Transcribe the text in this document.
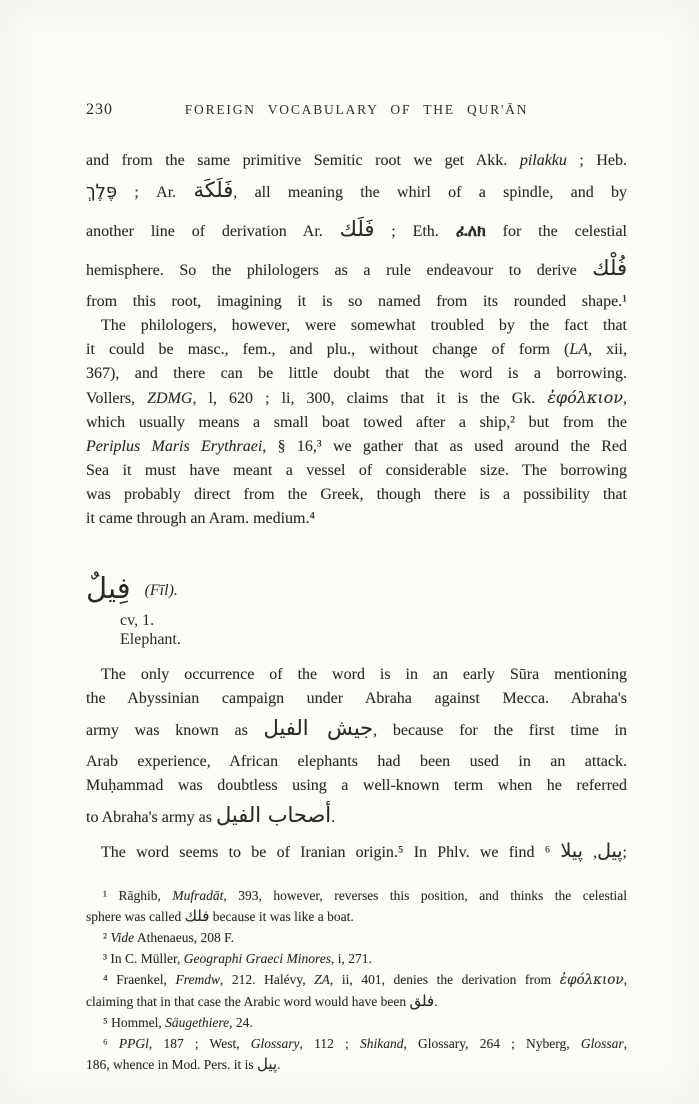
230	FOREIGN VOCABULARY OF THE QUR'ĀN
and from the same primitive Semitic root we get Akk. pilakku ; Heb.
פֶּלֶךְ ; Ar. فَلَكَة, all meaning the whirl of a spindle, and by
another line of derivation Ar. فَلَك ; Eth. ፈለክ for the celestial
hemisphere. So the philologers as a rule endeavour to derive فُلْك
from this root, imagining it is so named from its rounded shape.¹
The philologers, however, were somewhat troubled by the fact that
it could be masc., fem., and plu., without change of form (LA, xii,
367), and there can be little doubt that the word is a borrowing.
Vollers, ZDMG, l, 620 ; li, 300, claims that it is the Gk. ἐφόλκιον,
which usually means a small boat towed after a ship,² but from the
Periplus Maris Erythraei, § 16,³ we gather that as used around the Red
Sea it must have meant a vessel of considerable size. The borrowing
was probably direct from the Greek, though there is a possibility that
it came through an Aram. medium.⁴
فِيلٌ (Fīl).
cv, 1.
Elephant.
The only occurrence of the word is in an early Sūra mentioning
the Abyssinian campaign under Abraha against Mecca. Abraha's
army was known as جيش الفيل, because for the first time in
Arab experience, African elephants had been used in an attack.
Muḥammad was doubtless using a well-known term when he referred
to Abraha's army as أصحاب الفيل.
The word seems to be of Iranian origin.⁵ In Phlv. we find	پيل, پيلا ⁶;
¹ Rāghib, Mufradāt, 393, however, reverses this position, and thinks the celestial
sphere was called فلك because it was like a boat.
² Vide Athenaeus, 208 F.
³ In C. Müller, Geographi Graeci Minores, i, 271.
⁴ Fraenkel, Fremdw, 212. Halévy, ZA, ii, 401, denies the derivation from ἐφόλκιον,
claiming that in that case the Arabic word would have been فلق.
⁵ Hommel, Säugethiere, 24.
⁶ PPGl, 187 ; West, Glossary, 112 ; Shikand, Glossary, 264 ; Nyberg, Glossar,
186, whence in Mod. Pers. it is پيل.
